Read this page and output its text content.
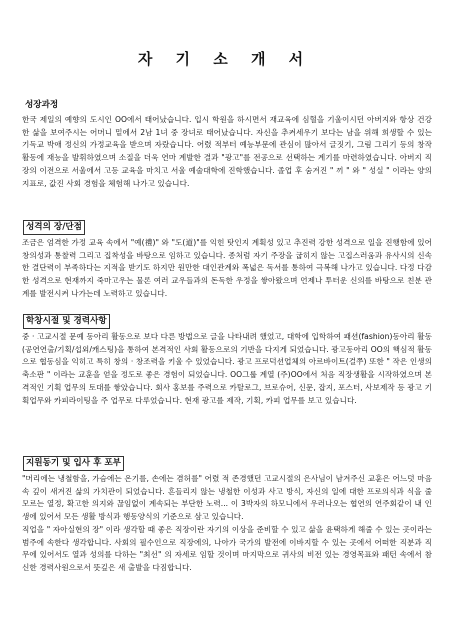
자 기 소 개 서
성장과정
한국 제일의 예향의 도시인 OO에서 태어났습니다. 입시 학원을 하시면서 재교육에 심혈을 기울이시던 아버지와 항상 건강한 삶을 보여주시는 어머니 밑에서 2남 1녀 중 장녀로 태어났습니다. 자신을 추켜세우기 보다는 남을 위해 희생할 수 있는 기독교 박애 정신의 가정교육을 받으며 자랐습니다. 어렸 적부터 예능부문에 관심이 많아서 글짓기, 그림 그리기 등의 창작활동에 재능을 발휘하였으며 소질을 더욱 연마 계발한 결과 "광고"를 전공으로 선택하는 계기를 마련하였습니다. 아버지 직장의 이전으로 서울에서 고등 교육을 마치고 서울 예술대학에 진학했습니다. 졸업 후 숨겨진 " 끼 " 와 " 성실 " 이라는 양의 지표로, 값진 사회 경험을 체험해 나가고 있습니다.
성격의 장/단점
조금은 엄격한 가정 교육 속에서 "예(禮)" 와 "도(道)"를 익힌 탓인지 계획성 있고 추진력 강한 성격으로 일을 진행함에 있어 창의성과 통찰력 그리고 집착성을 바탕으로 임하고 있습니다. 종처럼 자기 주장을 굽히지 않는 고집스러움과 유사시의 신속한 결단력이 부족하다는 지적을 받기도 하지만 원만한 대인관계와 폭넓은 독서를 통하여 극복해 나가고 있습니다. 다정 다감한 성격으로 현재까지 죽마고우는 물론 여러 교우들과의 돈독한 우정을 쌓아왔으며 언제나 투터운 신의를 바탕으로 친분 관계를 발전시켜 나가는데 노력하고 있습니다.
학창시절 및 경력사항
중 · 고교시절 문예 동아리 활동으로 보다 다른 방법으로 글을 나타내려 했었고, 대학에 입학하여 패션(fashion)동아리 활동(공연연출/기획/섭외/캐스팅)을 통하여 본격적인 사회 활동으로의 기반을 다지게 되었습니다. 광고동아리 OO의 핵심적 활동으로 협동심을 익히고 특히 창의 · 창조력을 키울 수 있었습니다. 광고 프로덕션업체의 아르바이트(걸쭈) 또한 " 작은 인생의 축소판 " 이라는 교훈을 얻을 정도로 좋은 경험이 되었습니다. OO그룹 계열 (주)OO에서 처음 직장생활을 시작하였으며 본격적인 기획 업무의 토대를 쌓았습니다. 회사 홍보를 주력으로 카탈로그, 브로슈어, 신문, 잡지, 포스터, 사보제작 등 광고 기획업무와 카피라이팅을 주 업무로 다루었습니다. 현재 광고를 제작, 기획, 카피 업무를 보고 있습니다.
지원동기 및 입사 후 포부
"머리에는 냉철함을, 가슴에는 온기를, 손에는 겸허를" 어렸 적 존경했던 고교시절의 은사님이 남겨주신 교훈은 어느덧 마음속 깊이 새겨진 삶의 가치관이 되었습니다. 흔들리지 않는 냉철한 이성과 사고 방식, 자신의 일에 대한 프로의식과 식을 줄 모르는 열정, 확고한 의지와 끊임없이 계속되는 부단한 노력... 이 3박자의 하모니에서 우러나오는 협연의 연주회같이 내 인생에 있어서 모든 생활 방식과 행동양식의 기준으로 삼고 있습니다.
직업을 " 자아실현의 장" 이라 생각할 때 좋은 직장이란 자기의 이상을 준비할 수 있고 삶을 윤택하게 해줄 수 있는 곳이라는 범주에 속한다 생각합니다. 사회의 필수인으로 직장에의, 나아가 국가의 발전에 이바지할 수 있는 곳에서 어떠한 직분과 직무에 있어서도 열과 성의를 다하는 "최선" 의 자세로 임할 것이며 마지막으로 귀사의 비전 있는 경영목표와 패턴 속에서 참신한 경력사원으로서 뜻깊은 새 출발을 다짐합니다.
